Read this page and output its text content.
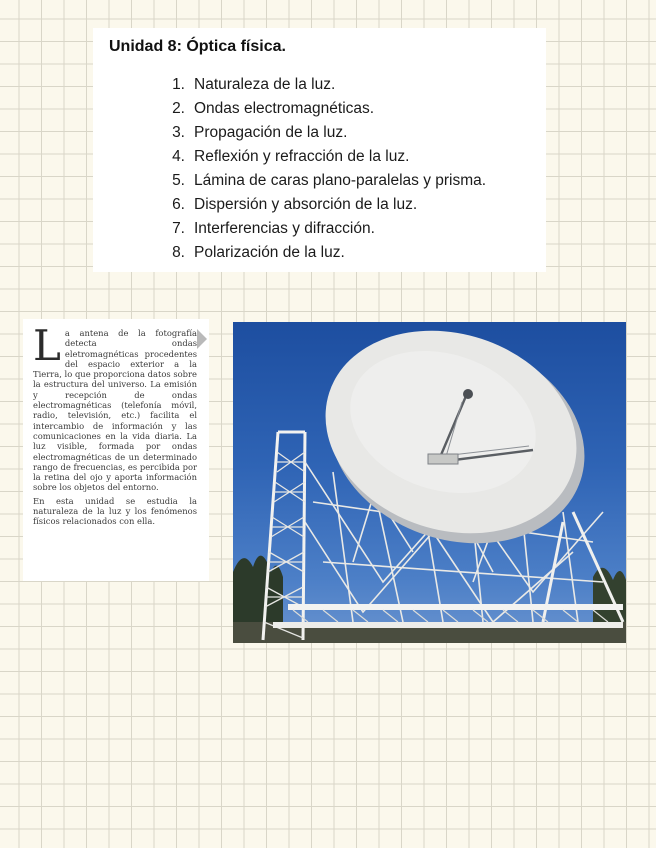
Unidad 8: Óptica física.
1. Naturaleza de la luz.
2. Ondas electromagnéticas.
3. Propagación de la luz.
4. Reflexión y refracción de la luz.
5. Lámina de caras plano-paralelas y prisma.
6. Dispersión y absorción de la luz.
7. Interferencias y difracción.
8. Polarización de la luz.

La antena de la fotografía detecta ondas eletromagnéticas procedentes del espacio exterior a la Tierra, lo que proporciona datos sobre la estructura del universo. La emisión y recepción de ondas electromagnéticas (telefonía móvil, radio, televisión, etc.) facilita el intercambio de información y las comunicaciones en la vida diaria. La luz visible, formada por ondas electromagnéticas de un determinado rango de frecuencias, es percibida por la retina del ojo y aporta información sobre los objetos del entorno.

En esta unidad se estudia la naturaleza de la luz y los fenómenos físicos relacionados con ella.
